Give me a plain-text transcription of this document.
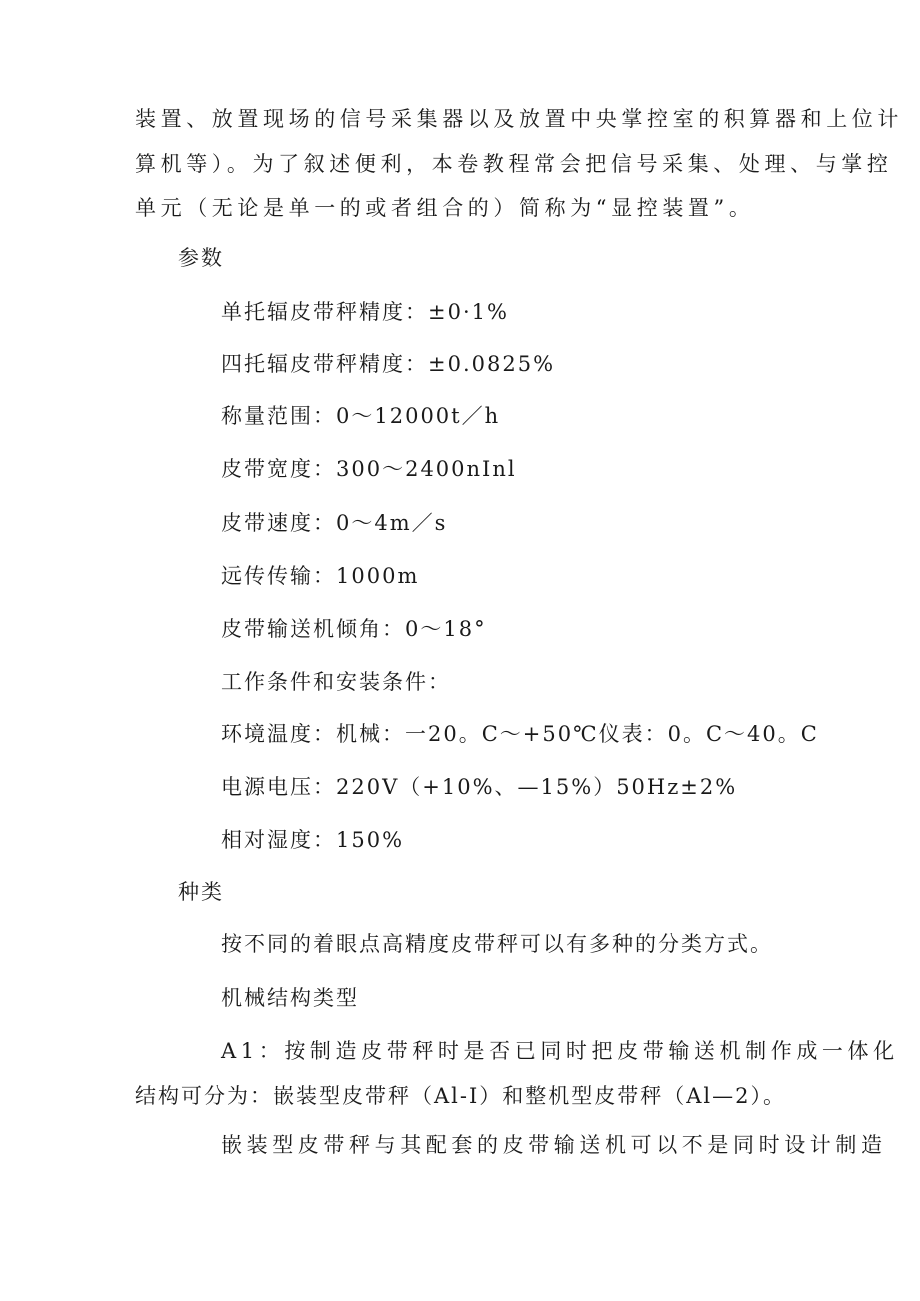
装置、放置现场的信号采集器以及放置中央掌控室的积算器和上位计
算机等）。为了叙述便利，本卷教程常会把信号采集、处理、与掌控
单元（无论是单一的或者组合的）简称为“显控装置”。
参数
单托辐皮带秤精度：±0·1%
四托辐皮带秤精度：±0.0825%
称量范围：0～12000t／h
皮带宽度：300～2400nInl
皮带速度：0～4m／s
远传传输：1000m
皮带输送机倾角：0～18°
工作条件和安装条件：
环境温度：机械：一20。C～+50℃仪表：0。C～40。C
电源电压：220V（+10%、—15%）50Hz±2%
相对湿度：150%
种类
按不同的着眼点高精度皮带秤可以有多种的分类方式。
机械结构类型
A1：按制造皮带秤时是否已同时把皮带输送机制作成一体化
结构可分为：嵌装型皮带秤（Al-I）和整机型皮带秤（Al—2）。
嵌装型皮带秤与其配套的皮带输送机可以不是同时设计制造
